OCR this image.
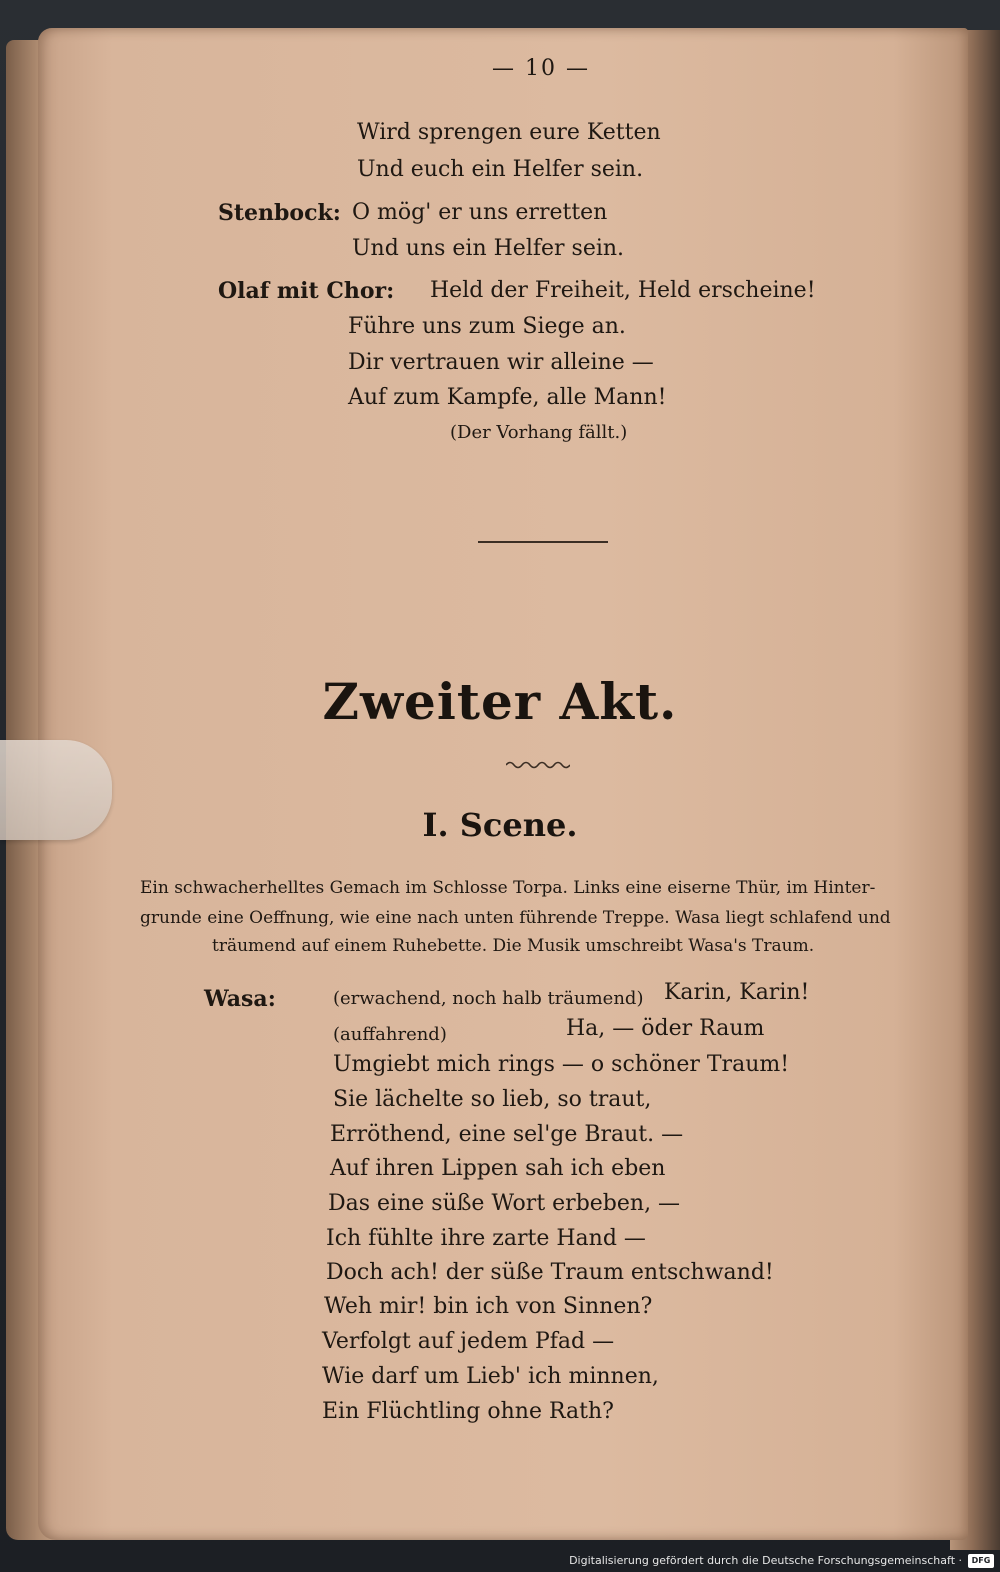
— 10 —
Wird sprengen eure Ketten
Und euch ein Helfer sein.
Stenbock: O mög' er uns erretten
Und uns ein Helfer sein.
Olaf mit Chor: Held der Freiheit, Held erscheine!
Führe uns zum Siege an.
Dir vertrauen wir alleine —
Auf zum Kampfe, alle Mann!
(Der Vorhang fällt.)
Zweiter Akt.
I. Scene.
Ein schwacherhelltes Gemach im Schlosse Torpa. Links eine eiserne Thür, im Hinter-
grunde eine Oeffnung, wie eine nach unten führende Treppe. Wasa liegt schlafend und
träumend auf einem Ruhebette. Die Musik umschreibt Wasa's Traum.
Wasa:	(erwachend, noch halb träumend) Karin, Karin!
(auffahrend)	Ha, — öder Raum
Umgiebt mich rings — o schöner Traum!
Sie lächelte so lieb, so traut,
Erröthend, eine sel'ge Braut. —
Auf ihren Lippen sah ich eben
Das eine süße Wort erbeben, —
Ich fühlte ihre zarte Hand —
Doch ach! der süße Traum entschwand!
Weh mir! bin ich von Sinnen?
Verfolgt auf jedem Pfad —
Wie darf um Lieb' ich minnen,
Ein Flüchtling ohne Rath?
Digitalisierung gefördert durch die Deutsche Forschungsgemeinschaft ·	DFG
